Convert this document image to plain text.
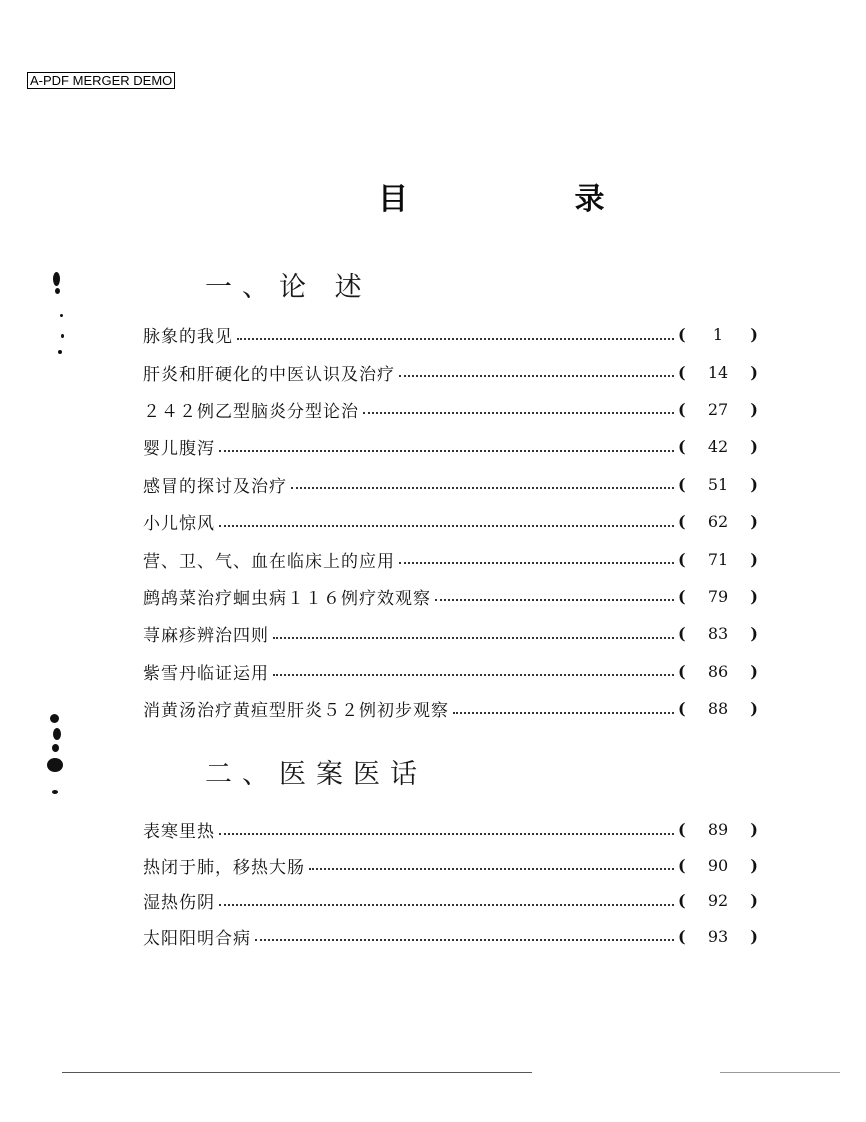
A-PDF MERGER DEMO
目 录
一、论 述
脉象的我见	(	1	)
肝炎和肝硬化的中医认识及治疗	(	14	)
２４２例乙型脑炎分型论治	(	27	)
婴儿腹泻	(	42	)
感冒的探讨及治疗	(	51	)
小儿惊风	(	62	)
营、卫、气、血在临床上的应用	(	71	)
鹧鸪菜治疗蛔虫病１１６例疗效观察	(	79	)
荨麻疹辨治四则	(	83	)
紫雪丹临证运用	(	86	)
消黄汤治疗黄疸型肝炎５２例初步观察	(	88	)
二、医案医话
表寒里热	(	89	)
热闭于肺，移热大肠	(	90	)
湿热伤阴	(	92	)
太阳阳明合病	(	93	)
